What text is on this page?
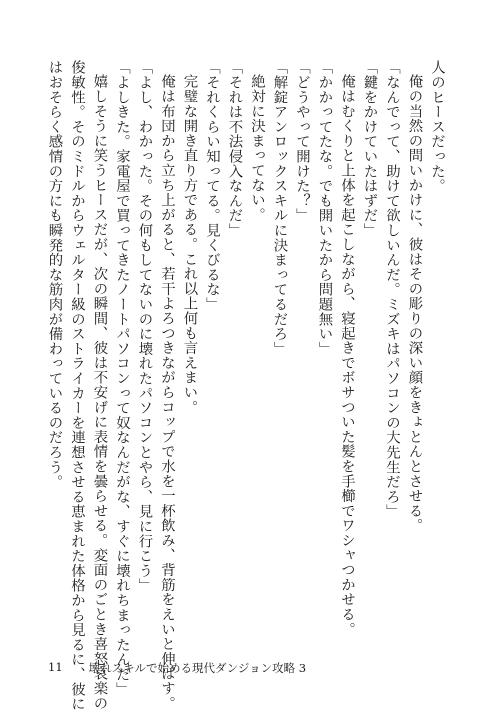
人のヒースだった。
俺の当然の問いかけに、彼はその彫りの深い顔をきょとんとさせる。
「なんでって、助けて欲しいんだ。ミズキはパソコンの大先生だろ」
「鍵をかけていたはずだ」
俺はむくりと上体を起こしながら、寝起きでボサついた髪を手櫛でワシャつかせる。
「かかってたな。でも開いたから問題無い」
「どうやって開けた？」
「解錠アンロックスキルに決まってるだろ」
絶対に決まってない。
「それは不法侵入なんだ」
「それくらい知ってる。見くびるな」
完璧な開き直り方である。これ以上何も言えまい。
俺は布団から立ち上がると、若干よろつきながらコップで水を一杯飲み、背筋をえいと伸ばす。
「よし、わかった。その何もしてないのに壊れたパソコンとやら、見に行こう」
「よしきた。家電屋で買ってきたノートパソコンって奴なんだがな、すぐに壊れちまったんだ」
嬉しそうに笑うヒースだが、次の瞬間、彼は不安げに表情を曇らせる。変面のごとき喜怒哀楽の
俊敏性。そのミドルからウェルター級のストライカーを連想させる恵まれた体格から見るに、彼に
はおそらく感情の方にも瞬発的な筋肉が備わっているのだろう。
11 壊れスキルで始める現代ダンジョン攻略 3
